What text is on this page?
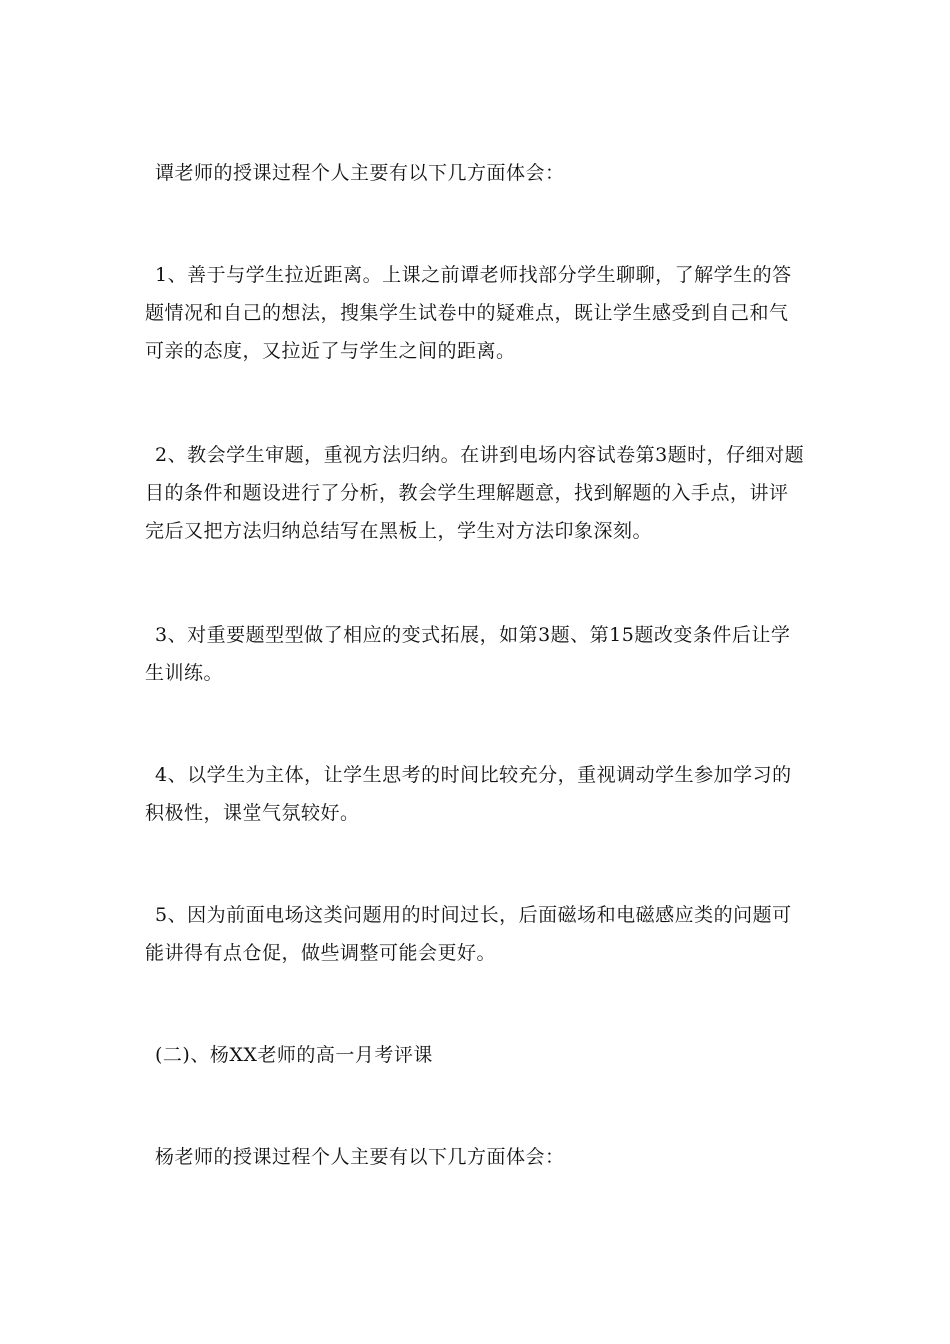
谭老师的授课过程个人主要有以下几方面体会：

1、善于与学生拉近距离。上课之前谭老师找部分学生聊聊，了解学生的答题情况和自己的想法，搜集学生试卷中的疑难点，既让学生感受到自己和气可亲的态度，又拉近了与学生之间的距离。

2、教会学生审题，重视方法归纳。在讲到电场内容试卷第3题时，仔细对题目的条件和题设进行了分析，教会学生理解题意，找到解题的入手点，讲评完后又把方法归纳总结写在黑板上，学生对方法印象深刻。

3、对重要题型型做了相应的变式拓展，如第3题、第15题改变条件后让学生训练。

4、以学生为主体，让学生思考的时间比较充分，重视调动学生参加学习的积极性，课堂气氛较好。

5、因为前面电场这类问题用的时间过长，后面磁场和电磁感应类的问题可能讲得有点仓促，做些调整可能会更好。

(二)、杨XX老师的高一月考评课

杨老师的授课过程个人主要有以下几方面体会：
